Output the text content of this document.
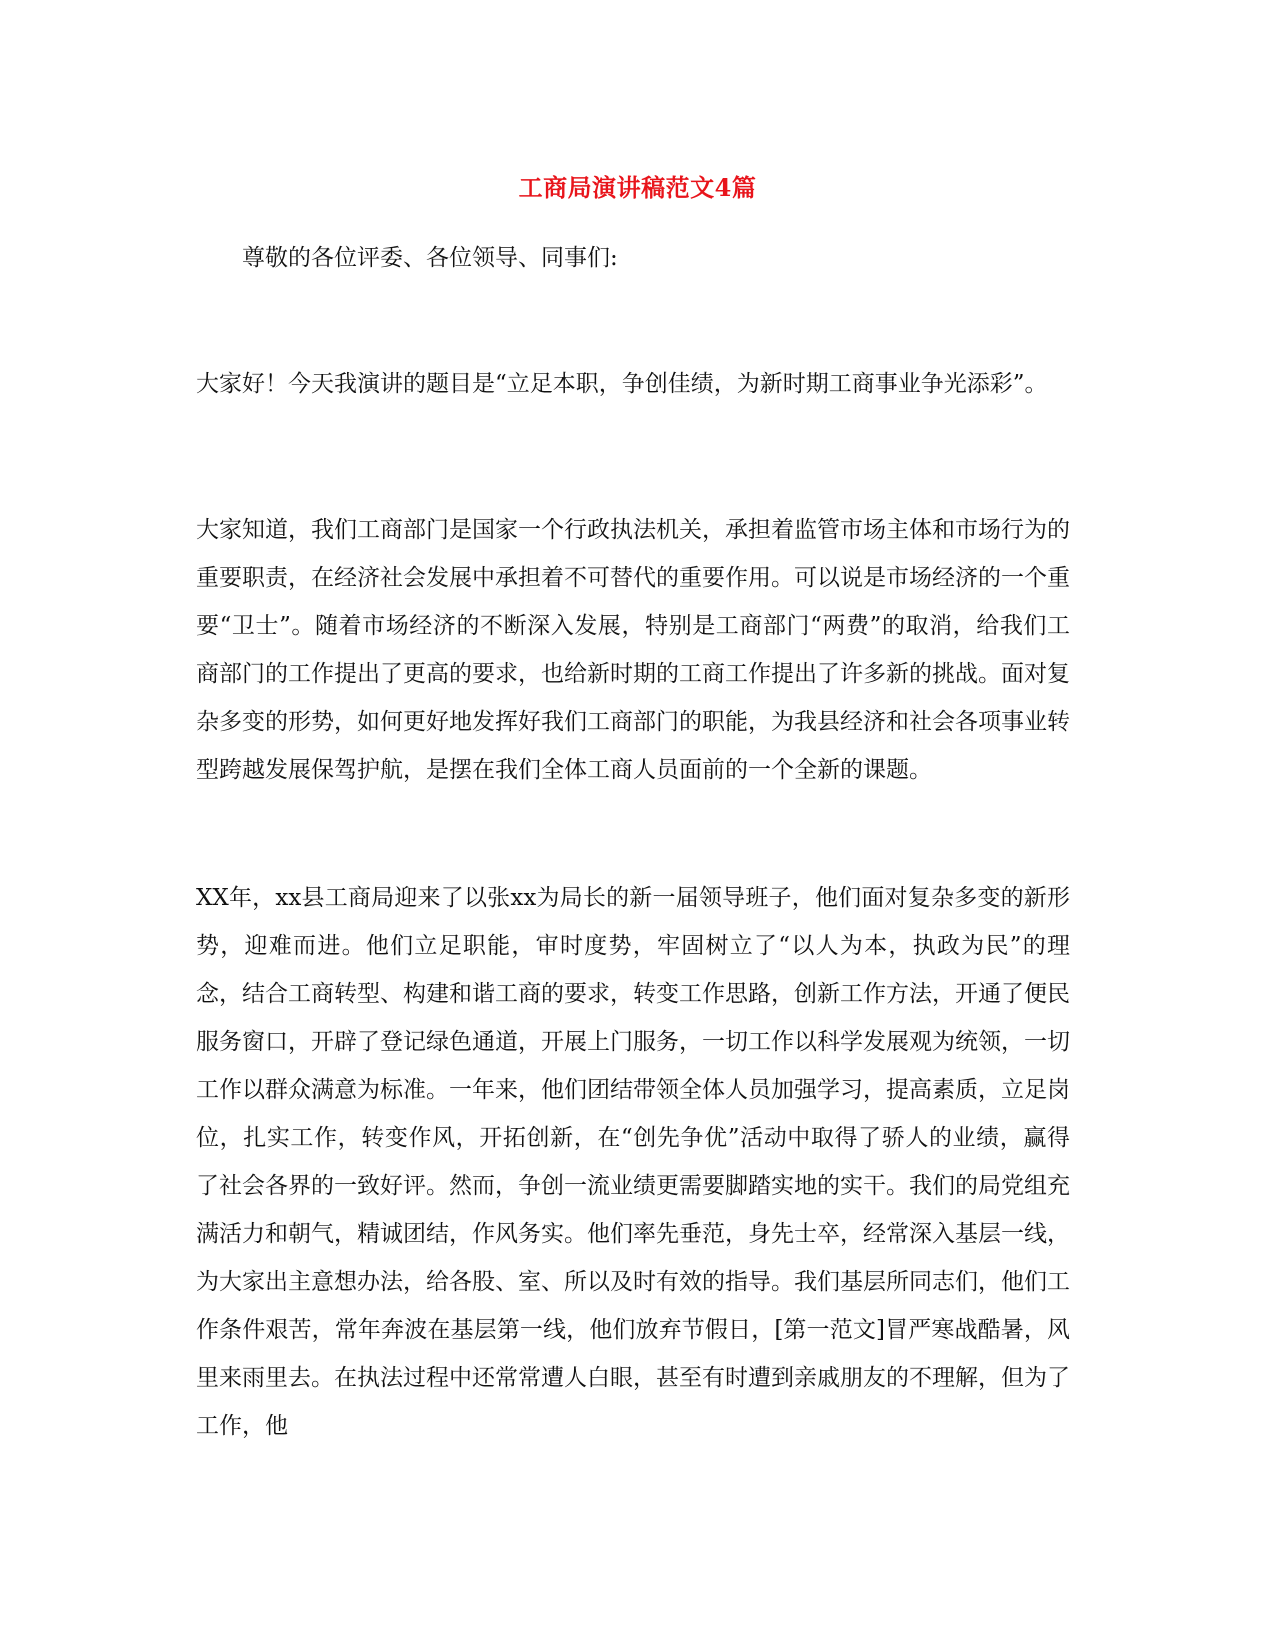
工商局演讲稿范文4篇

尊敬的各位评委、各位领导、同事们:

大家好！今天我演讲的题目是“立足本职，争创佳绩，为新时期工商事业争光添彩”。

大家知道，我们工商部门是国家一个行政执法机关，承担着监管市场主体和市场行为的重要职责，在经济社会发展中承担着不可替代的重要作用。可以说是市场经济的一个重要“卫士”。随着市场经济的不断深入发展，特别是工商部门“两费”的取消，给我们工商部门的工作提出了更高的要求，也给新时期的工商工作提出了许多新的挑战。面对复杂多变的形势，如何更好地发挥好我们工商部门的职能，为我县经济和社会各项事业转型跨越发展保驾护航，是摆在我们全体工商人员面前的一个全新的课题。

XX年，xx县工商局迎来了以张xx为局长的新一届领导班子，他们面对复杂多变的新形势，迎难而进。他们立足职能，审时度势，牢固树立了“以人为本，执政为民”的理念，结合工商转型、构建和谐工商的要求，转变工作思路，创新工作方法，开通了便民服务窗口，开辟了登记绿色通道，开展上门服务，一切工作以科学发展观为统领，一切工作以群众满意为标准。一年来，他们团结带领全体人员加强学习，提高素质，立足岗位，扎实工作，转变作风，开拓创新，在“创先争优”活动中取得了骄人的业绩，赢得了社会各界的一致好评。然而，争创一流业绩更需要脚踏实地的实干。我们的局党组充满活力和朝气，精诚团结，作风务实。他们率先垂范，身先士卒，经常深入基层一线，为大家出主意想办法，给各股、室、所以及时有效的指导。我们基层所同志们，他们工作条件艰苦，常年奔波在基层第一线，他们放弃节假日，[第一范文]冒严寒战酷暑，风里来雨里去。在执法过程中还常常遭人白眼，甚至有时遭到亲戚朋友的不理解，但为了工作，他
